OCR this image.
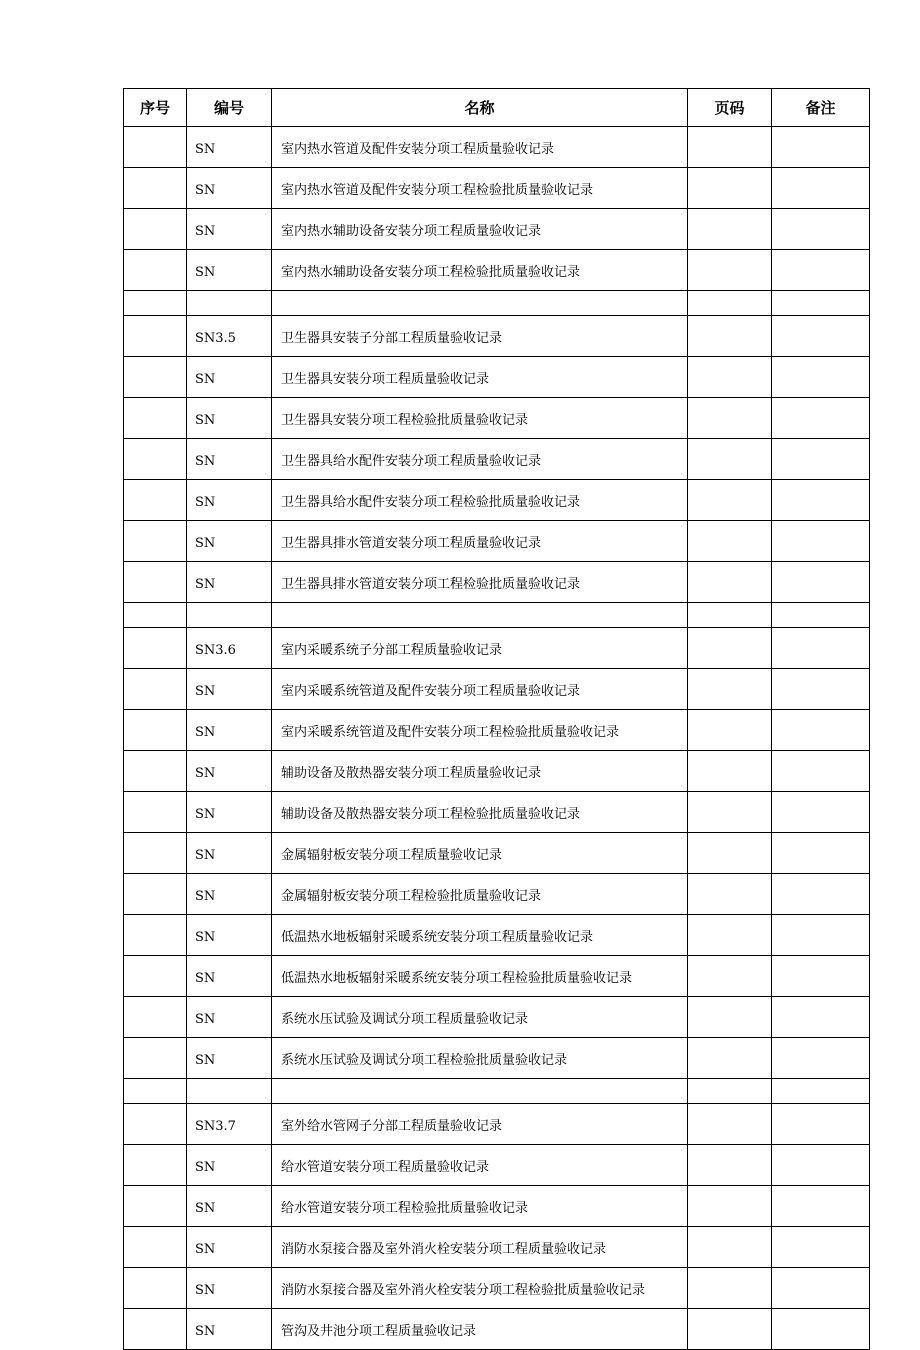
序号	编号	名称	页码	备注
	SN	室内热水管道及配件安装分项工程质量验收记录		
	SN	室内热水管道及配件安装分项工程检验批质量验收记录		
	SN	室内热水辅助设备安装分项工程质量验收记录		
	SN	室内热水辅助设备安装分项工程检验批质量验收记录		

	SN3.5	卫生器具安装子分部工程质量验收记录		
	SN	卫生器具安装分项工程质量验收记录		
	SN	卫生器具安装分项工程检验批质量验收记录		
	SN	卫生器具给水配件安装分项工程质量验收记录		
	SN	卫生器具给水配件安装分项工程检验批质量验收记录		
	SN	卫生器具排水管道安装分项工程质量验收记录		
	SN	卫生器具排水管道安装分项工程检验批质量验收记录		

	SN3.6	室内采暖系统子分部工程质量验收记录		
	SN	室内采暖系统管道及配件安装分项工程质量验收记录		
	SN	室内采暖系统管道及配件安装分项工程检验批质量验收记录		
	SN	辅助设备及散热器安装分项工程质量验收记录		
	SN	辅助设备及散热器安装分项工程检验批质量验收记录		
	SN	金属辐射板安装分项工程质量验收记录		
	SN	金属辐射板安装分项工程检验批质量验收记录		
	SN	低温热水地板辐射采暖系统安装分项工程质量验收记录		
	SN	低温热水地板辐射采暖系统安装分项工程检验批质量验收记录		
	SN	系统水压试验及调试分项工程质量验收记录		
	SN	系统水压试验及调试分项工程检验批质量验收记录		

	SN3.7	室外给水管网子分部工程质量验收记录		
	SN	给水管道安装分项工程质量验收记录		
	SN	给水管道安装分项工程检验批质量验收记录		
	SN	消防水泵接合器及室外消火栓安装分项工程质量验收记录		
	SN	消防水泵接合器及室外消火栓安装分项工程检验批质量验收记录		
	SN	管沟及井池分项工程质量验收记录		
